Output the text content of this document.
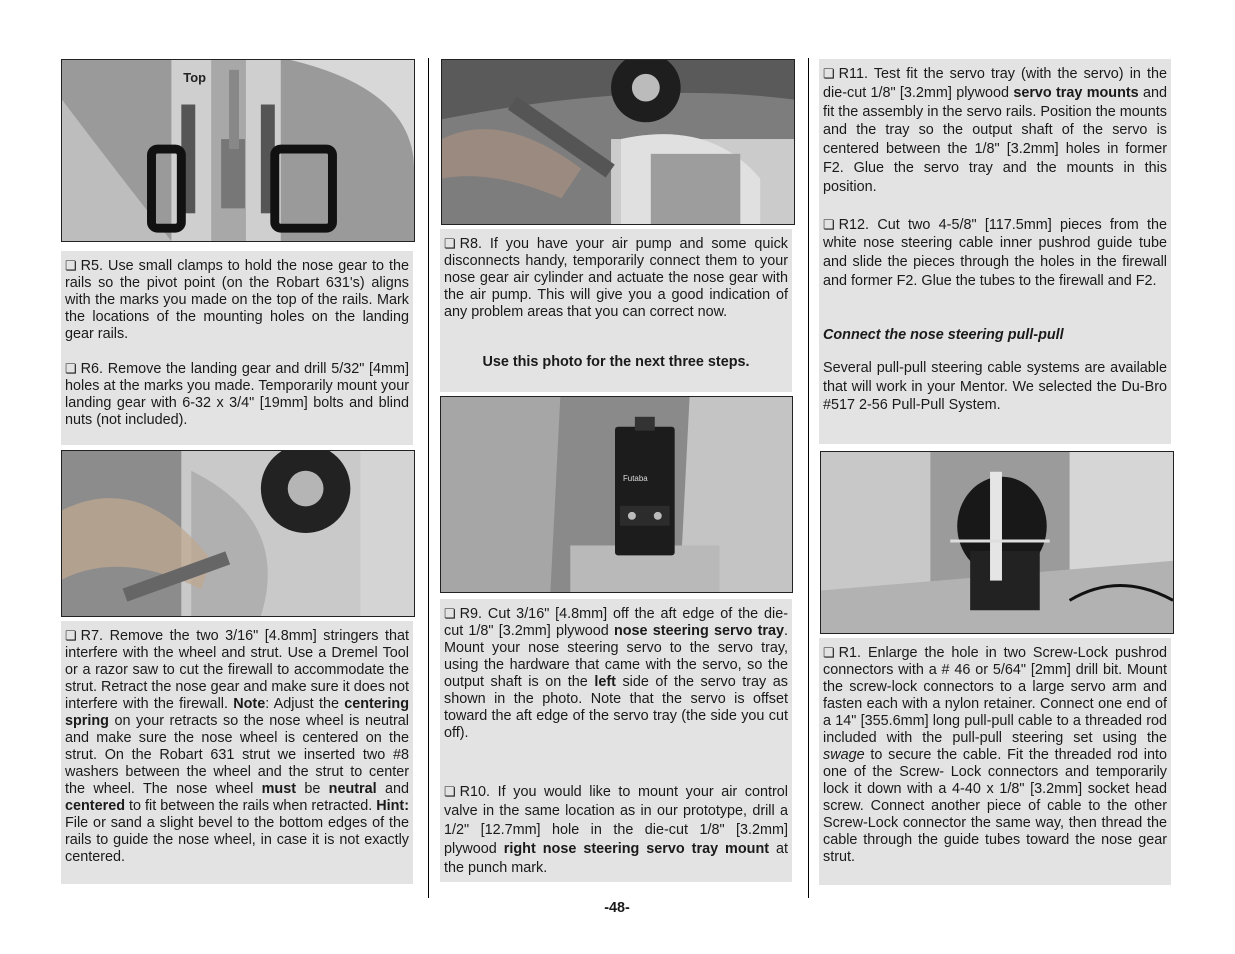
Top

❏ R5. Use small clamps to hold the nose gear to the rails so the pivot point (on the Robart 631's) aligns with the marks you made on the top of the rails. Mark the locations of the mounting holes on the landing gear rails.

❏ R6. Remove the landing gear and drill 5/32" [4mm] holes at the marks you made. Temporarily mount your landing gear with 6-32 x 3/4" [19mm] bolts and blind nuts (not included).

❏ R7. Remove the two 3/16" [4.8mm] stringers that interfere with the wheel and strut. Use a Dremel Tool or a razor saw to cut the firewall to accommodate the strut. Retract the nose gear and make sure it does not interfere with the firewall. Note: Adjust the centering spring on your retracts so the nose wheel is neutral and make sure the nose wheel is centered on the strut. On the Robart 631 strut we inserted two #8 washers between the wheel and the strut to center the wheel. The nose wheel must be neutral and centered to fit between the rails when retracted. Hint: File or sand a slight bevel to the bottom edges of the rails to guide the nose wheel, in case it is not exactly centered.

❏ R8. If you have your air pump and some quick disconnects handy, temporarily connect them to your nose gear air cylinder and actuate the nose gear with the air pump. This will give you a good indication of any problem areas that you can correct now.

Use this photo for the next three steps.
Futaba

❏ R9. Cut 3/16" [4.8mm] off the aft edge of the die-cut 1/8" [3.2mm] plywood nose steering servo tray. Mount your nose steering servo to the servo tray, using the hardware that came with the servo, so the output shaft is on the left side of the servo tray as shown in the photo. Note that the servo is offset toward the aft edge of the servo tray (the side you cut off).

❏ R10. If you would like to mount your air control valve in the same location as in our prototype, drill a 1/2" [12.7mm] hole in the die-cut 1/8" [3.2mm] plywood right nose steering servo tray mount at the punch mark.

❏ R11. Test fit the servo tray (with the servo) in the die-cut 1/8" [3.2mm] plywood servo tray mounts and fit the assembly in the servo rails. Position the mounts and the tray so the output shaft of the servo is centered between the 1/8" [3.2mm] holes in former F2. Glue the servo tray and the mounts in this position.

❏ R12. Cut two 4-5/8" [117.5mm] pieces from the white nose steering cable inner pushrod guide tube and slide the pieces through the holes in the firewall and former F2. Glue the tubes to the firewall and F2.

Connect the nose steering pull-pull

Several pull-pull steering cable systems are available that will work in your Mentor. We selected the Du-Bro #517 2-56 Pull-Pull System.

❏ R1. Enlarge the hole in two Screw-Lock pushrod connectors with a # 46 or 5/64" [2mm] drill bit. Mount the screw-lock connectors to a large servo arm and fasten each with a nylon retainer. Connect one end of a 14" [355.6mm] long pull-pull cable to a threaded rod included with the pull-pull steering set using the swage to secure the cable. Fit the threaded rod into one of the Screw- Lock connectors and temporarily lock it down with a 4-40 x 1/8" [3.2mm] socket head screw. Connect another piece of cable to the other Screw-Lock connector the same way, then thread the cable through the guide tubes toward the nose gear strut.

-48-
